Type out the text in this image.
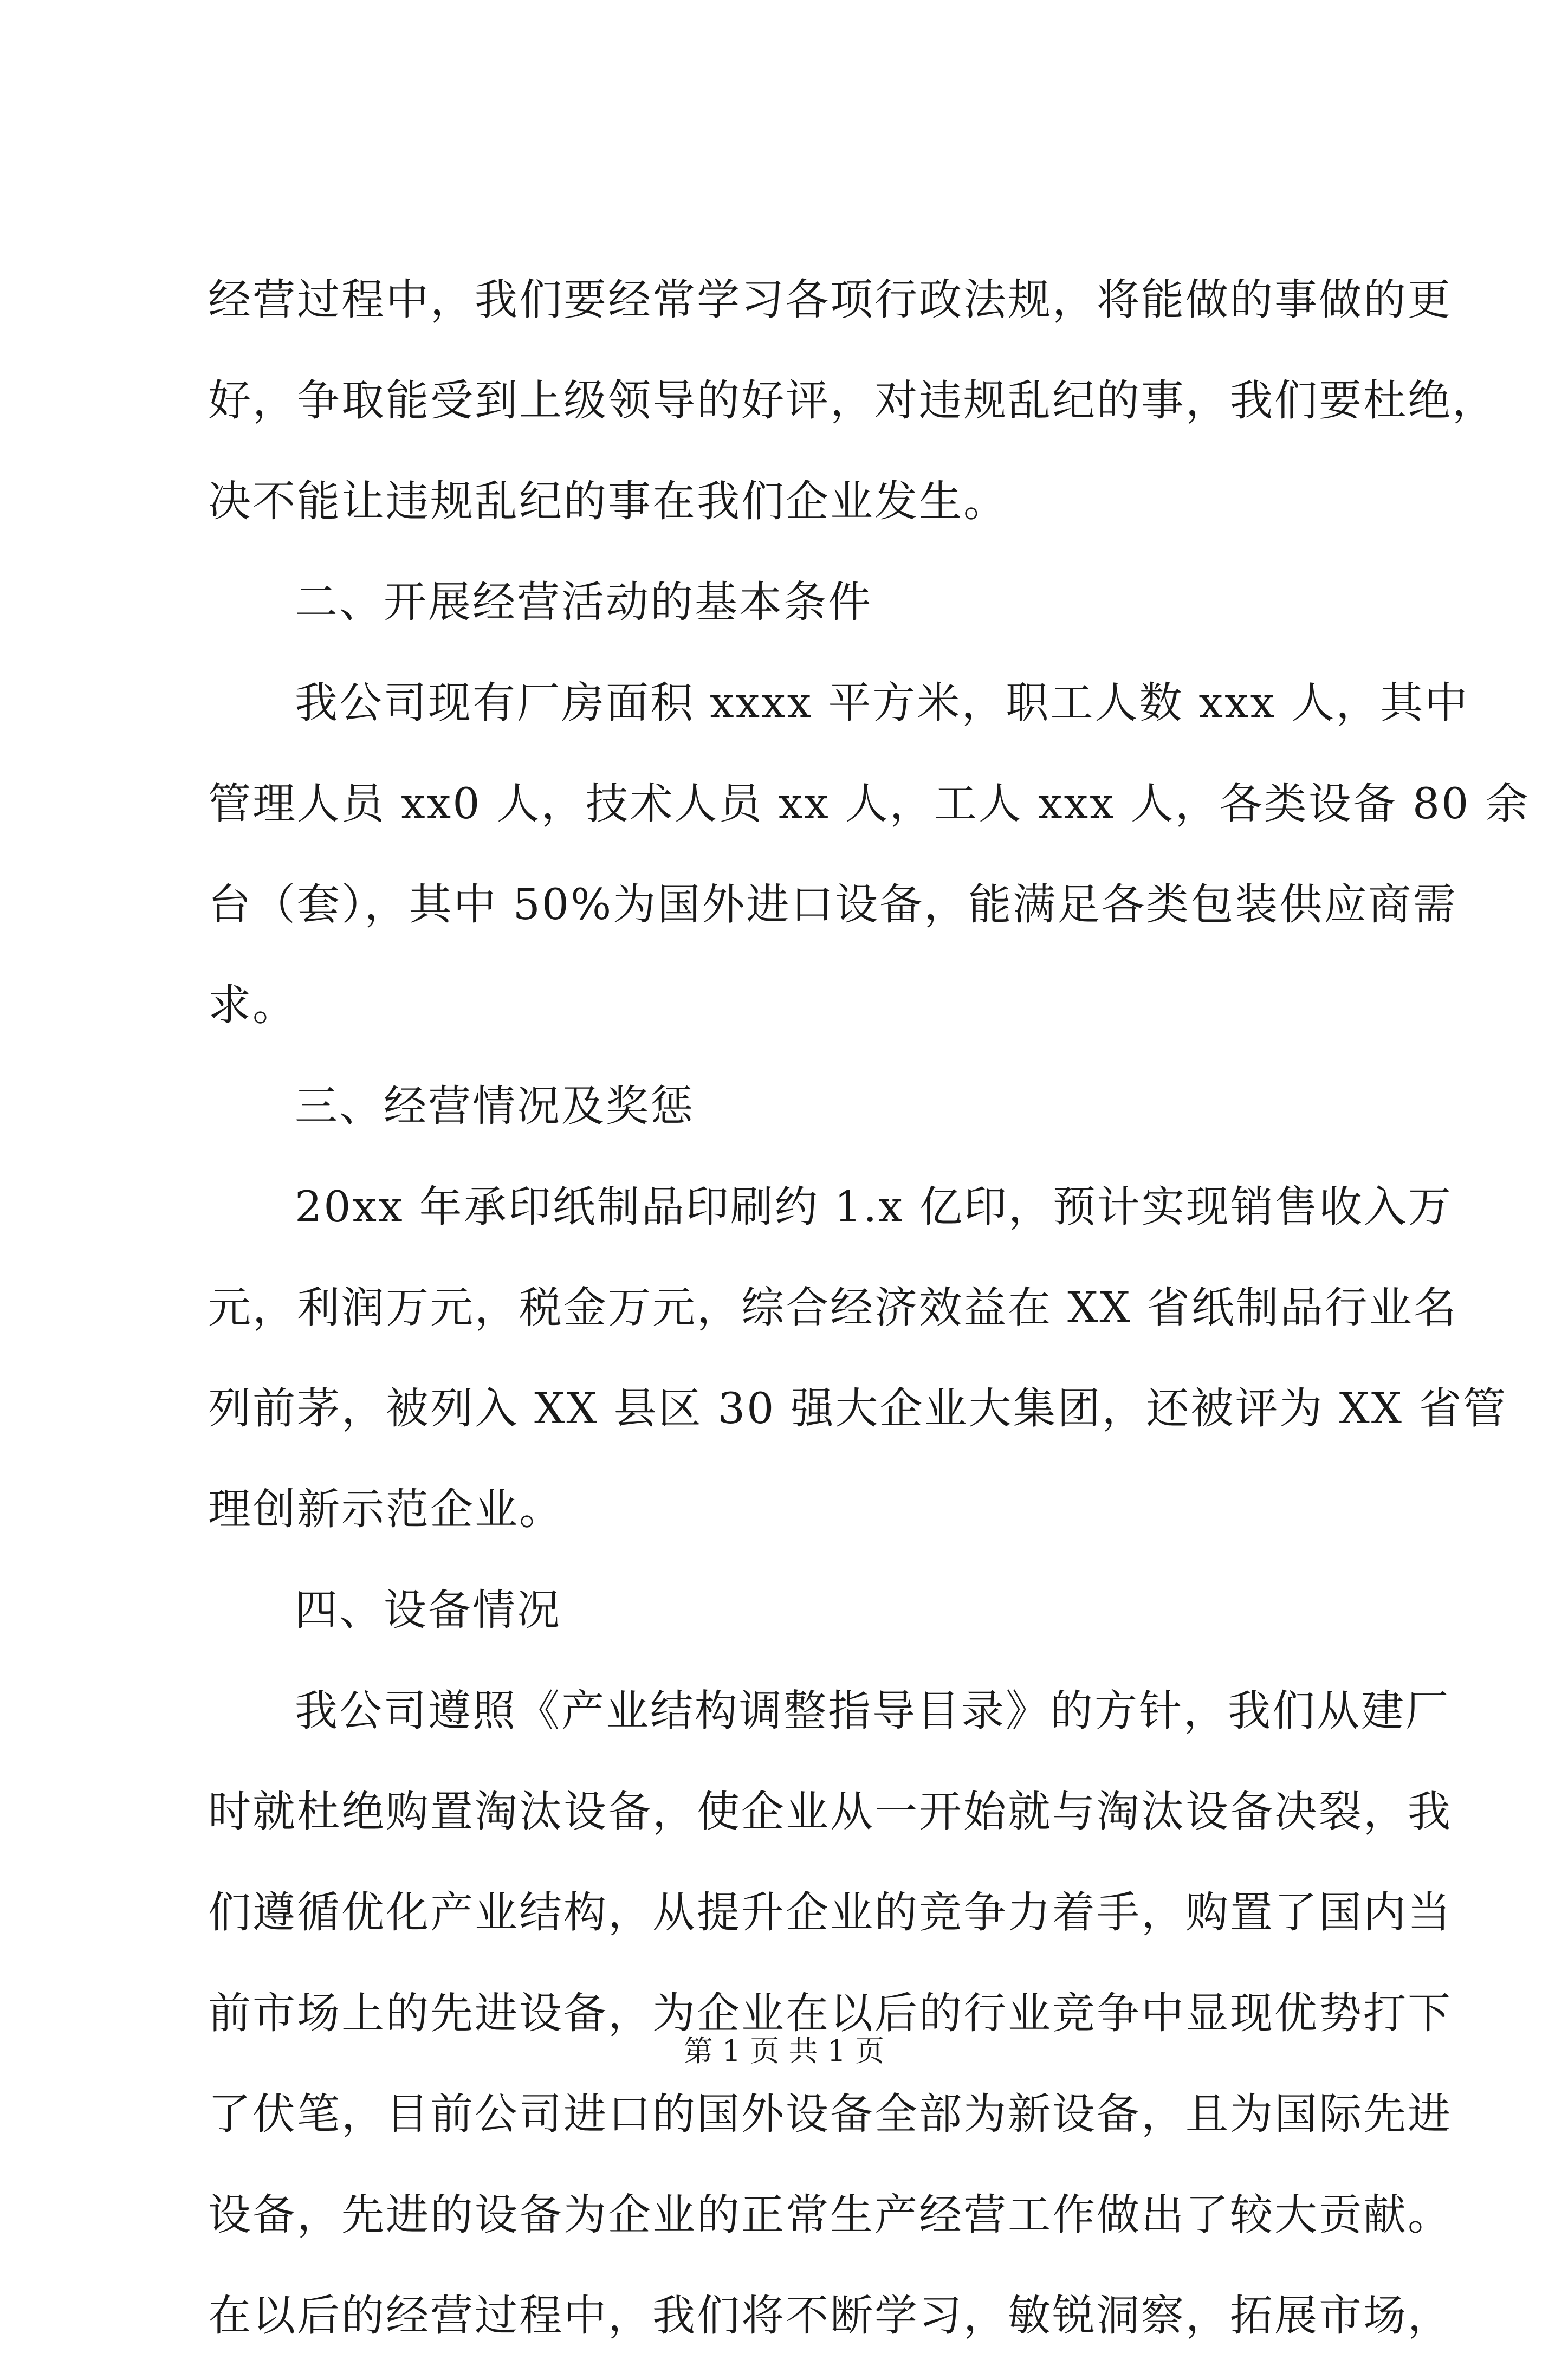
经营过程中，我们要经常学习各项行政法规，将能做的事做的更
好，争取能受到上级领导的好评，对违规乱纪的事，我们要杜绝，
决不能让违规乱纪的事在我们企业发生。
二、开展经营活动的基本条件
我公司现有厂房面积 xxxx 平方米，职工人数 xxx 人，其中
管理人员 xx0 人，技术人员 xx 人，工人 xxx 人，各类设备 80 余
台（套），其中 50%为国外进口设备，能满足各类包装供应商需
求。
三、经营情况及奖惩
20xx 年承印纸制品印刷约 1.x 亿印，预计实现销售收入万
元，利润万元，税金万元，综合经济效益在 XX 省纸制品行业名
列前茅，被列入 XX 县区 30 强大企业大集团，还被评为 XX 省管
理创新示范企业。
四、设备情况
我公司遵照《产业结构调整指导目录》的方针，我们从建厂
时就杜绝购置淘汰设备，使企业从一开始就与淘汰设备决裂，我
们遵循优化产业结构，从提升企业的竞争力着手，购置了国内当
前市场上的先进设备，为企业在以后的行业竞争中显现优势打下
了伏笔，目前公司进口的国外设备全部为新设备，且为国际先进
设备，先进的设备为企业的正常生产经营工作做出了较大贡献。
在以后的经营过程中，我们将不断学习，敏锐洞察，拓展市场，
第 1 页 共 1 页
